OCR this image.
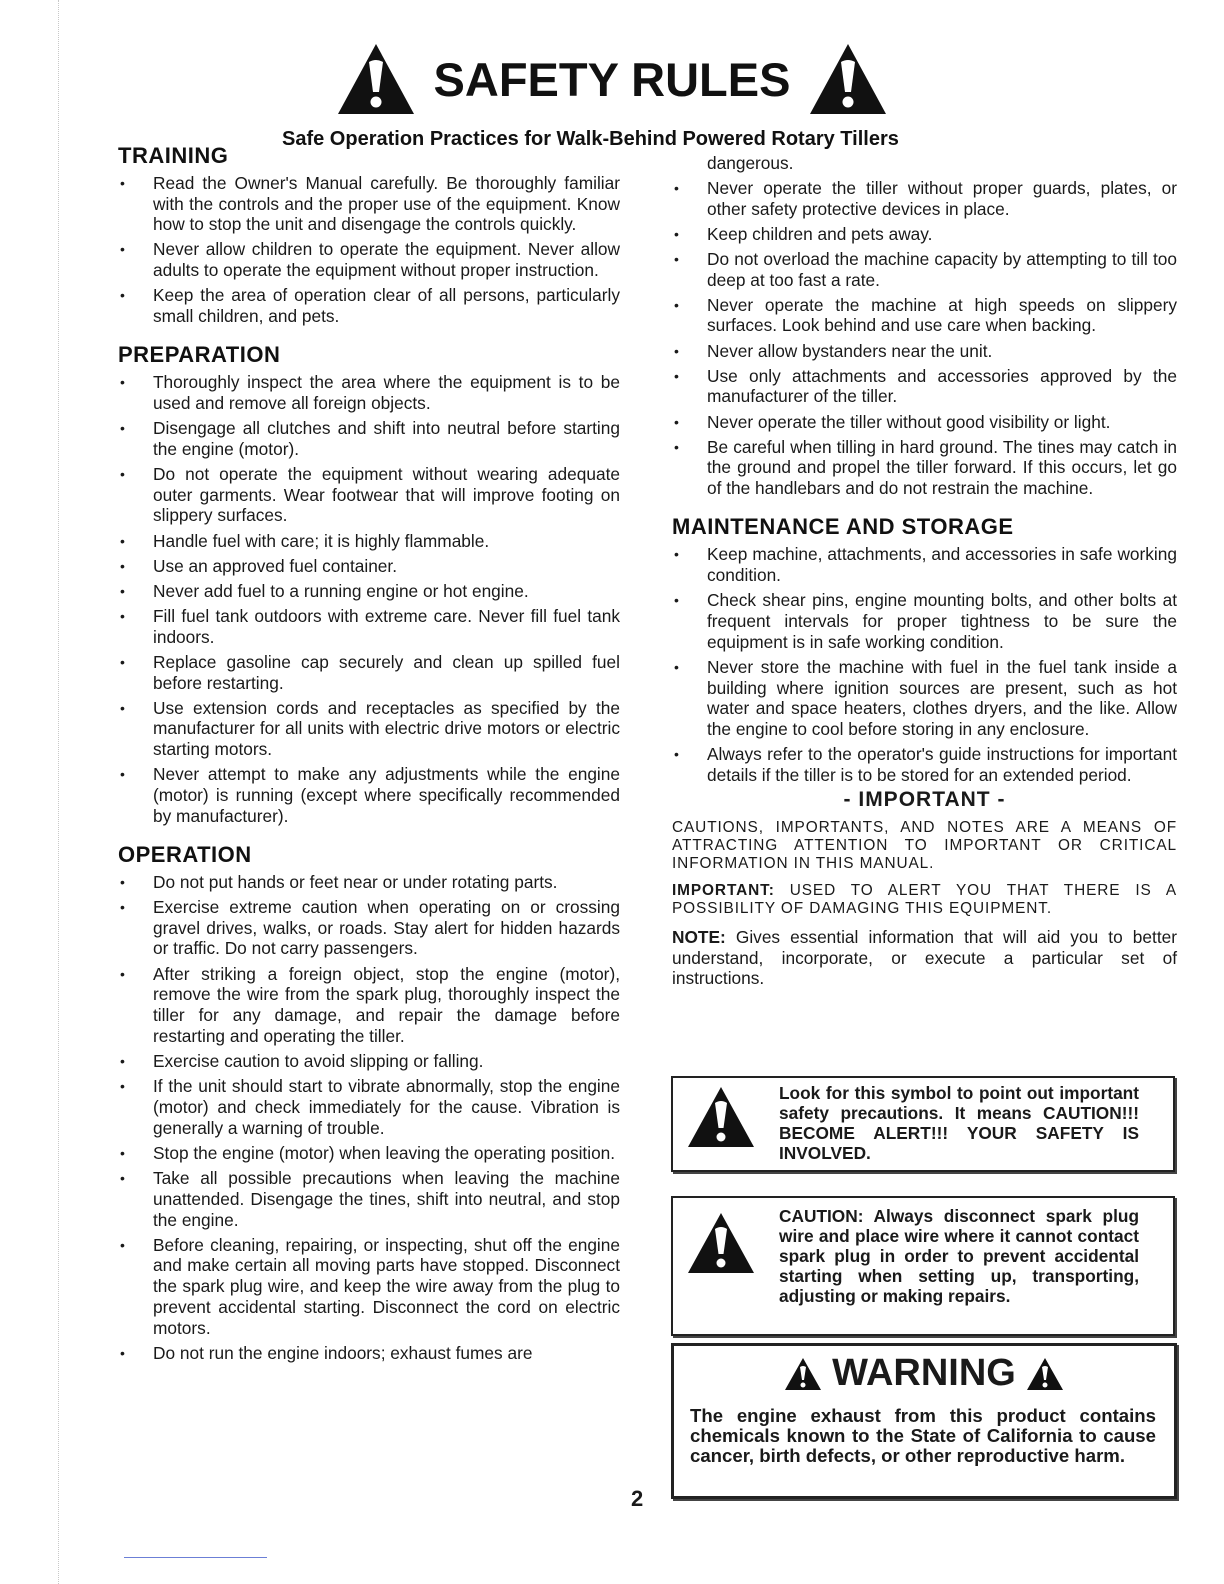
SAFETY RULES
Safe Operation Practices for Walk-Behind Powered Rotary Tillers
TRAINING
• Read the Owner's Manual carefully. Be thoroughly familiar with the controls and the proper use of the equipment. Know how to stop the unit and disengage the controls quickly.
• Never allow children to operate the equipment. Never allow adults to operate the equipment without proper instruction.
• Keep the area of operation clear of all persons, particularly small children, and pets.
PREPARATION
• Thoroughly inspect the area where the equipment is to be used and remove all foreign objects.
• Disengage all clutches and shift into neutral before starting the engine (motor).
• Do not operate the equipment without wearing adequate outer garments. Wear footwear that will improve footing on slippery surfaces.
• Handle fuel with care; it is highly flammable.
• Use an approved fuel container.
• Never add fuel to a running engine or hot engine.
• Fill fuel tank outdoors with extreme care. Never fill fuel tank indoors.
• Replace gasoline cap securely and clean up spilled fuel before restarting.
• Use extension cords and receptacles as specified by the manufacturer for all units with electric drive motors or electric starting motors.
• Never attempt to make any adjustments while the engine (motor) is running (except where specifically recommended by manufacturer).
OPERATION
• Do not put hands or feet near or under rotating parts.
• Exercise extreme caution when operating on or crossing gravel drives, walks, or roads. Stay alert for hidden hazards or traffic. Do not carry passengers.
• After striking a foreign object, stop the engine (motor), remove the wire from the spark plug, thoroughly inspect the tiller for any damage, and repair the damage before restarting and operating the tiller.
• Exercise caution to avoid slipping or falling.
• If the unit should start to vibrate abnormally, stop the engine (motor) and check immediately for the cause. Vibration is generally a warning of trouble.
• Stop the engine (motor) when leaving the operating position.
• Take all possible precautions when leaving the machine unattended. Disengage the tines, shift into neutral, and stop the engine.
• Before cleaning, repairing, or inspecting, shut off the engine and make certain all moving parts have stopped. Disconnect the spark plug wire, and keep the wire away from the plug to prevent accidental starting. Disconnect the cord on electric motors.
• Do not run the engine indoors; exhaust fumes are
dangerous.
• Never operate the tiller without proper guards, plates, or other safety protective devices in place.
• Keep children and pets away.
• Do not overload the machine capacity by attempting to till too deep at too fast a rate.
• Never operate the machine at high speeds on slippery surfaces. Look behind and use care when backing.
• Never allow bystanders near the unit.
• Use only attachments and accessories approved by the manufacturer of the tiller.
• Never operate the tiller without good visibility or light.
• Be careful when tilling in hard ground. The tines may catch in the ground and propel the tiller forward. If this occurs, let go of the handlebars and do not restrain the machine.
MAINTENANCE AND STORAGE
• Keep machine, attachments, and accessories in safe working condition.
• Check shear pins, engine mounting bolts, and other bolts at frequent intervals for proper tightness to be sure the equipment is in safe working condition.
• Never store the machine with fuel in the fuel tank inside a building where ignition sources are present, such as hot water and space heaters, clothes dryers, and the like. Allow the engine to cool before storing in any enclosure.
• Always refer to the operator's guide instructions for important details if the tiller is to be stored for an extended period.
- IMPORTANT -

CAUTIONS, IMPORTANTS, AND NOTES ARE A MEANS OF ATTRACTING ATTENTION TO IMPORTANT OR CRITICAL INFORMATION IN THIS MANUAL.

IMPORTANT: USED TO ALERT YOU THAT THERE IS A POSSIBILITY OF DAMAGING THIS EQUIPMENT.

NOTE: Gives essential information that will aid you to better understand, incorporate, or execute a particular set of instructions.

Look for this symbol to point out important safety precautions. It means CAUTION!!! BECOME ALERT!!! YOUR SAFETY IS INVOLVED.
CAUTION: Always disconnect spark plug wire and place wire where it cannot contact spark plug in order to prevent accidental starting when setting up, transporting, adjusting or making repairs.
WARNING
The engine exhaust from this product contains chemicals known to the State of California to cause cancer, birth defects, or other reproductive harm.
2
